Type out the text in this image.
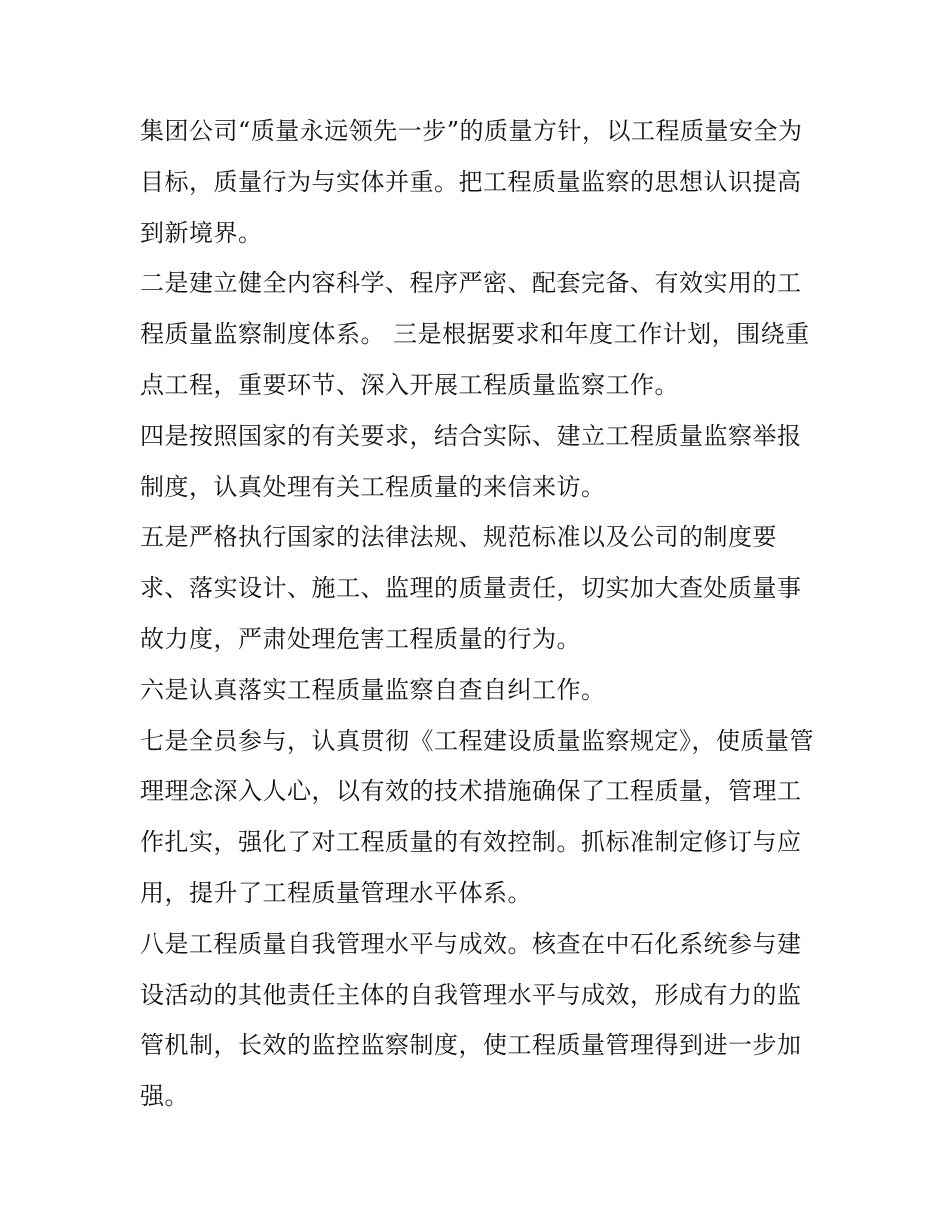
集团公司“质量永远领先一步”的质量方针，以工程质量安全为目标，质量行为与实体并重。把工程质量监察的思想认识提高到新境界。

二是建立健全内容科学、程序严密、配套完备、有效实用的工程质量监察制度体系。 三是根据要求和年度工作计划，围绕重点工程，重要环节、深入开展工程质量监察工作。

四是按照国家的有关要求，结合实际、建立工程质量监察举报制度，认真处理有关工程质量的来信来访。

五是严格执行国家的法律法规、规范标准以及公司的制度要求、落实设计、施工、监理的质量责任，切实加大查处质量事故力度，严肃处理危害工程质量的行为。

六是认真落实工程质量监察自查自纠工作。

七是全员参与，认真贯彻《工程建设质量监察规定》，使质量管理理念深入人心，以有效的技术措施确保了工程质量，管理工作扎实，强化了对工程质量的有效控制。抓标准制定修订与应用，提升了工程质量管理水平体系。

八是工程质量自我管理水平与成效。核查在中石化系统参与建设活动的其他责任主体的自我管理水平与成效，形成有力的监管机制，长效的监控监察制度，使工程质量管理得到进一步加强。
